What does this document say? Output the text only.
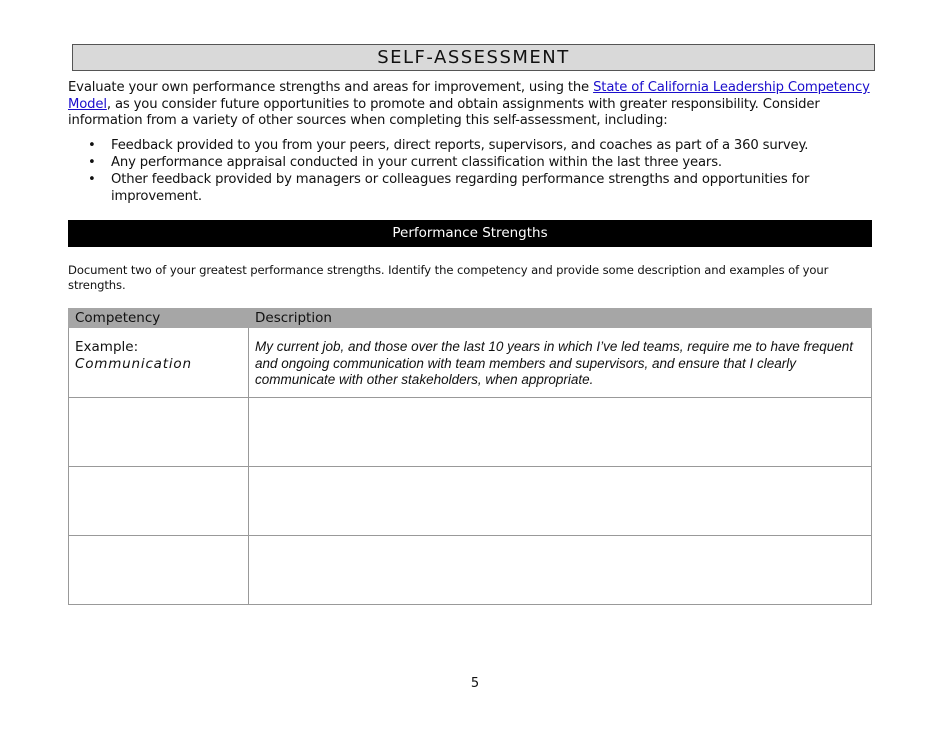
SELF-ASSESSMENT

Evaluate your own performance strengths and areas for improvement, using the State of California Leadership Competency Model, as you consider future opportunities to promote and obtain assignments with greater responsibility. Consider information from a variety of other sources when completing this self-assessment, including:

• Feedback provided to you from your peers, direct reports, supervisors, and coaches as part of a 360 survey.
• Any performance appraisal conducted in your current classification within the last three years.
• Other feedback provided by managers or colleagues regarding performance strengths and opportunities for improvement.
Performance Strengths

Document two of your greatest performance strengths. Identify the competency and provide some description and examples of your strengths.

Competency	Description
Example:
Communication	My current job, and those over the last 10 years in which I’ve led teams, require me to have frequent and ongoing communication with team members and supervisors, and ensure that I clearly communicate with other stakeholders, when appropriate.

5
